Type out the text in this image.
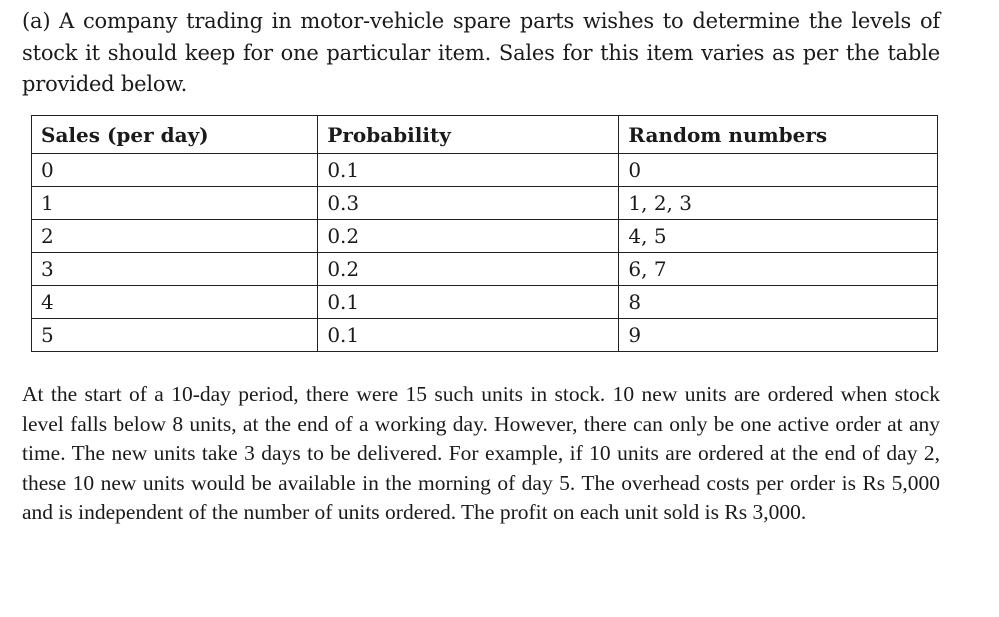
(a) A company trading in motor-vehicle spare parts wishes to determine the levels of stock it should keep for one particular item. Sales for this item varies as per the table provided below.

Sales (per day)	Probability	Random numbers
0	0.1	0
1	0.3	1, 2, 3
2	0.2	4, 5
3	0.2	6, 7
4	0.1	8
5	0.1	9

At the start of a 10-day period, there were 15 such units in stock. 10 new units are ordered when stock level falls below 8 units, at the end of a working day. However, there can only be one active order at any time. The new units take 3 days to be delivered. For example, if 10 units are ordered at the end of day 2, these 10 new units would be available in the morning of day 5. The overhead costs per order is Rs 5,000 and is independent of the number of units ordered. The profit on each unit sold is Rs 3,000.
